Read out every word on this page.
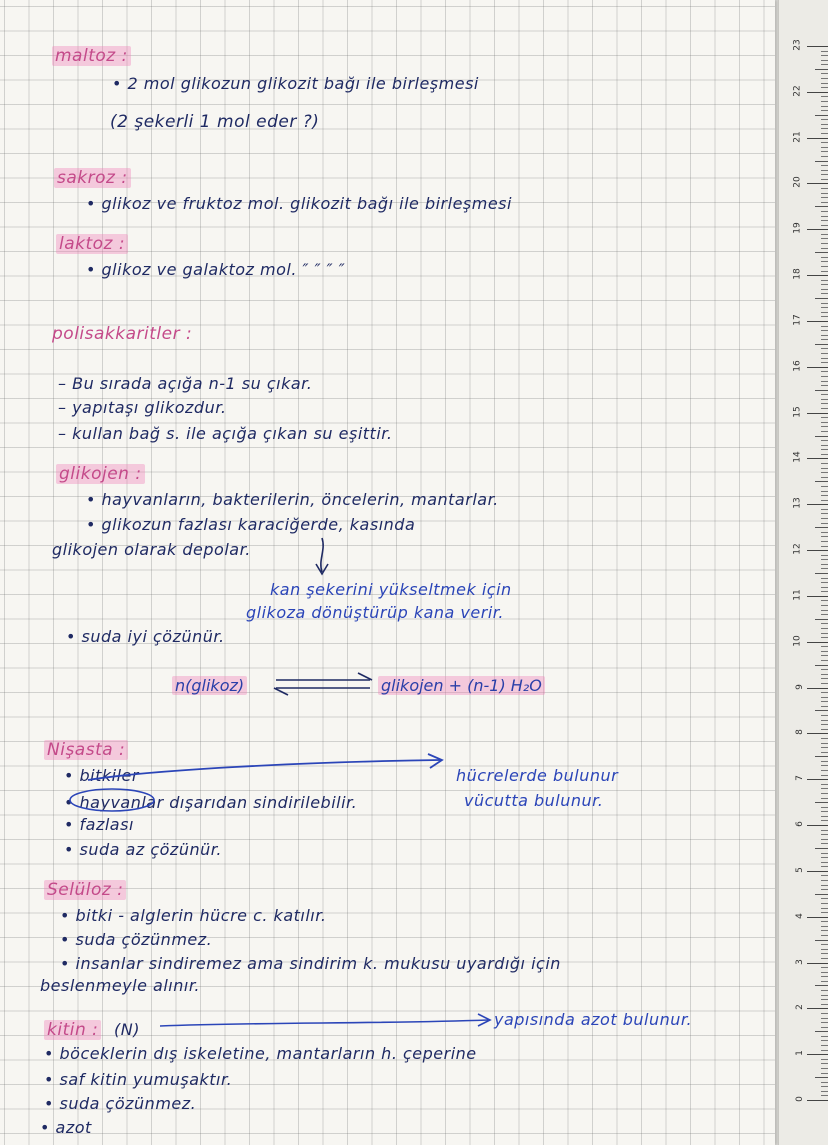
maltoz :
• 2 mol glikozun glikozit bağı ile birleşmesi
(2 şekerli 1 mol eder ?)
sakroz :
• glikoz ve fruktoz mol. glikozit bağı ile birleşmesi
laktoz :
• glikoz ve galaktoz mol. ″ ″ ″ ″
polisakkaritler :
– Bu sırada açığa n-1 su çıkar.
– yapıtaşı glikozdur.
– kullan bağ s. ile açığa çıkan su eşittir.
glikojen :
• hayvanların, bakterilerin, öncelerin, mantarlar.
• glikozun fazlası karaciğerde, kasında
glikojen olarak depolar.
kan şekerini yükseltmek için
glikoza dönüştürüp kana verir.
• suda iyi çözünür.
n(glikoz)	glikojen + (n-1) H₂O
Nişasta :
• bitkiler
• hayvanlar dışarıdan sindirilebilir.
• fazlası
• suda az çözünür.
hücrelerde bulunur
vücutta bulunur.
Selüloz :
• bitki - alglerin hücre c. katılır.
• suda çözünmez.
• insanlar sindiremez ama sindirim k. mukusu uyardığı için
beslenmeyle alınır.
kitin : (N)
yapısında azot bulunur.
• böceklerin dış iskeletine, mantarların h. çeperine
• saf kitin yumuşaktır.
• suda çözünmez.
• azot
23
22
21
20
19
18
17
16
15
14
13
12
11
10
9
8
7
6
5
4
3
2
1
0
